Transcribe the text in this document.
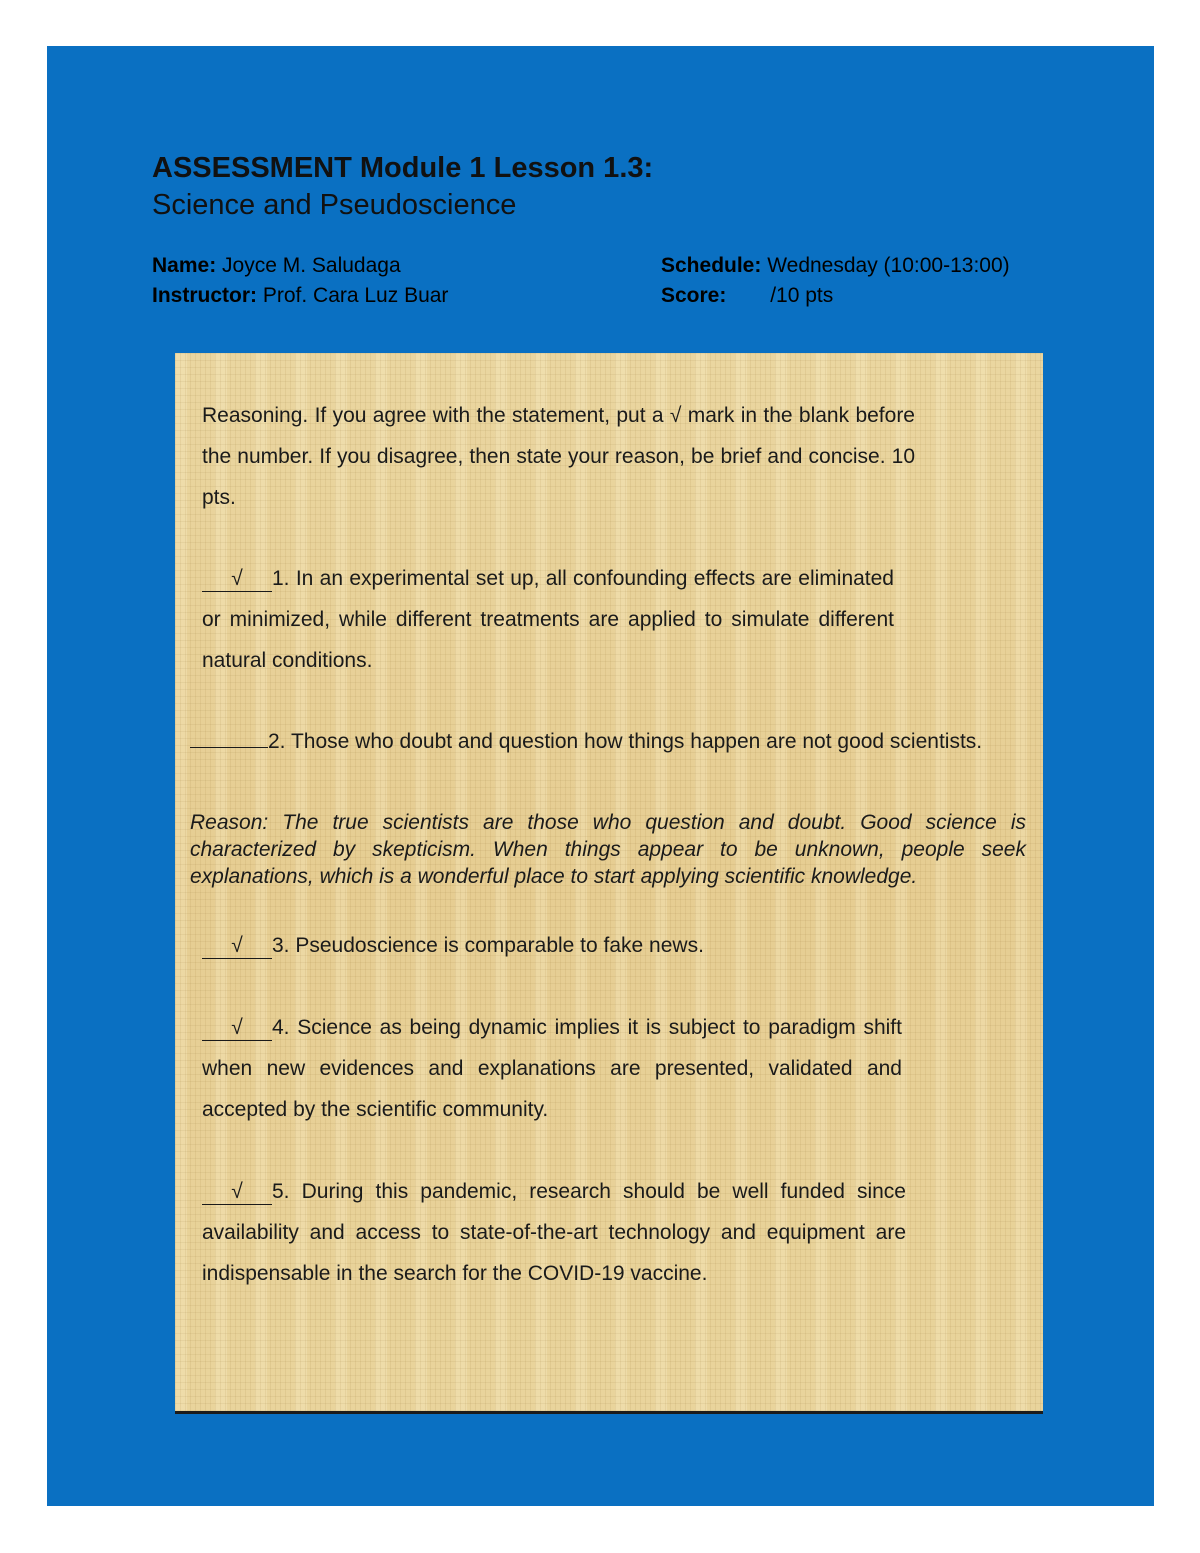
ASSESSMENT Module 1 Lesson 1.3:
Science and Pseudoscience
Name: Joyce M. Saludaga
Instructor: Prof. Cara Luz Buar
Schedule: Wednesday (10:00-13:00)
Score: /10 pts
Reasoning. If you agree with the statement, put a √ mark in the blank before the number. If you disagree, then state your reason, be brief and concise. 10 pts.
√ 1. In an experimental set up, all confounding effects are eliminated or minimized, while different treatments are applied to simulate different natural conditions.
2. Those who doubt and question how things happen are not good scientists.
Reason: The true scientists are those who question and doubt. Good science is characterized by skepticism. When things appear to be unknown, people seek explanations, which is a wonderful place to start applying scientific knowledge.
√ 3. Pseudoscience is comparable to fake news.
√ 4. Science as being dynamic implies it is subject to paradigm shift when new evidences and explanations are presented, validated and accepted by the scientific community.
√ 5. During this pandemic, research should be well funded since availability and access to state-of-the-art technology and equipment are indispensable in the search for the COVID-19 vaccine.
